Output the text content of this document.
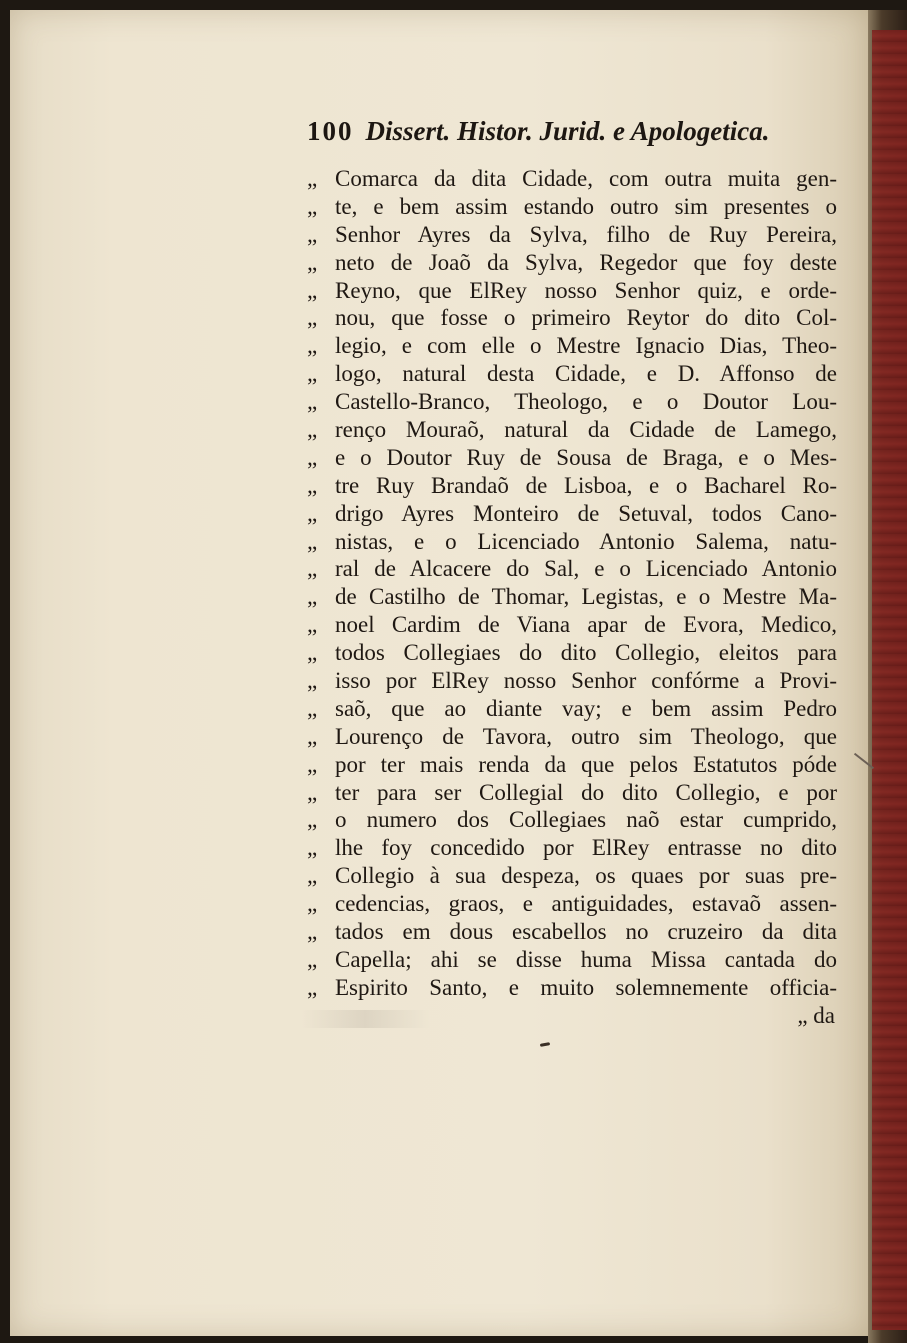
100 Dissert. Histor. Jurid. e Apologetica.
„ Comarca da dita Cidade, com outra muita gen-
„ te, e bem assim estando outro sim presentes o
„ Senhor Ayres da Sylva, filho de Ruy Pereira,
„ neto de Joaõ da Sylva, Regedor que foy deste
„ Reyno, que ElRey nosso Senhor quiz, e orde-
„ nou, que fosse o primeiro Reytor do dito Col-
„ legio, e com elle o Mestre Ignacio Dias, Theo-
„ logo, natural desta Cidade, e D. Affonso de
„ Castello-Branco, Theologo, e o Doutor Lou-
„ renço Mouraõ, natural da Cidade de Lamego,
„ e o Doutor Ruy de Sousa de Braga, e o Mes-
„ tre Ruy Brandaõ de Lisboa, e o Bacharel Ro-
„ drigo Ayres Monteiro de Setuval, todos Cano-
„ nistas, e o Licenciado Antonio Salema, natu-
„ ral de Alcacere do Sal, e o Licenciado Antonio
„ de Castilho de Thomar, Legistas, e o Mestre Ma-
„ noel Cardim de Viana apar de Evora, Medico,
„ todos Collegiaes do dito Collegio, eleitos para
„ isso por ElRey nosso Senhor confórme a Provi-
„ saõ, que ao diante vay; e bem assim Pedro
„ Lourenço de Tavora, outro sim Theologo, que
„ por ter mais renda da que pelos Estatutos póde
„ ter para ser Collegial do dito Collegio, e por
„ o numero dos Collegiaes naõ estar cumprido,
„ lhe foy concedido por ElRey entrasse no dito
„ Collegio à sua despeza, os quaes por suas pre-
„ cedencias, graos, e antiguidades, estavaõ assen-
„ tados em dous escabellos no cruzeiro da dita
„ Capella; ahi se disse huma Missa cantada do
„ Espirito Santo, e muito solemnemente officia-
„ da
